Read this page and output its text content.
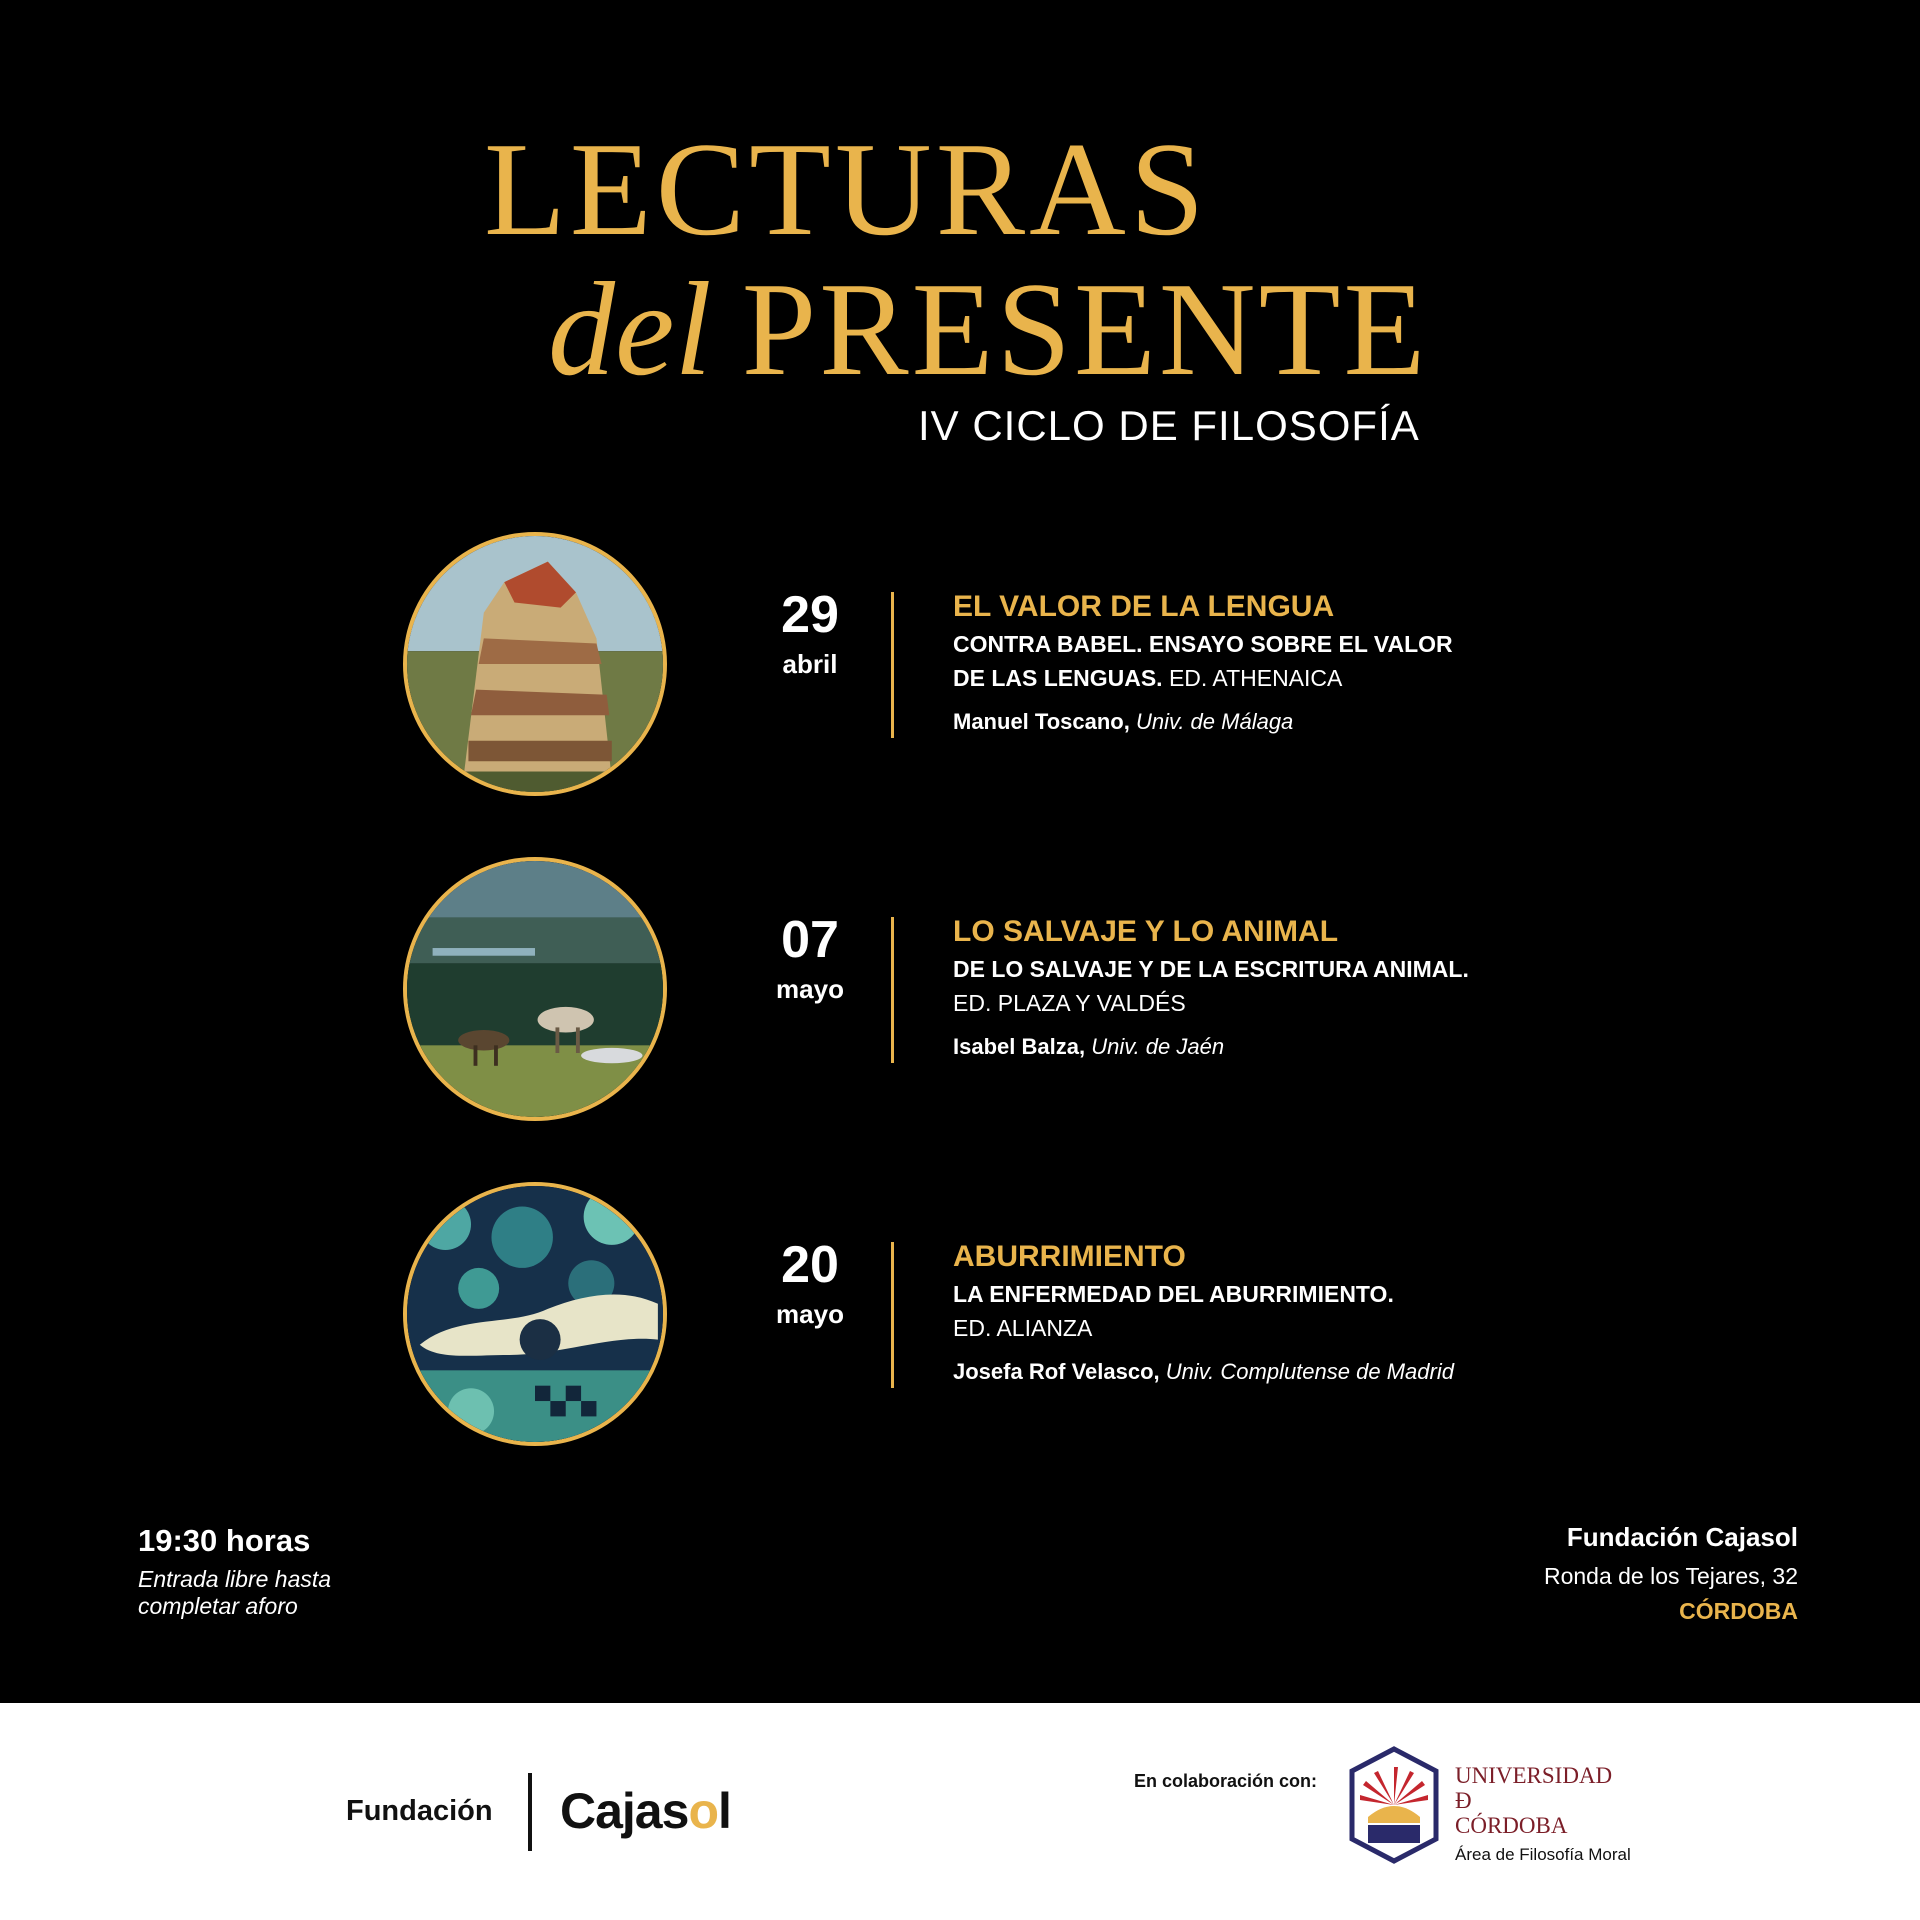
LECTURAS
del PRESENTE
IV CICLO DE FILOSOFÍA
29
abril
EL VALOR DE LA LENGUA
CONTRA BABEL. ENSAYO SOBRE EL VALOR
DE LAS LENGUAS. ED. ATHENAICA
Manuel Toscano, Univ. de Málaga
07
mayo
LO SALVAJE Y LO ANIMAL
DE LO SALVAJE Y DE LA ESCRITURA ANIMAL.
ED. PLAZA Y VALDÉS
Isabel Balza, Univ. de Jaén
20
mayo
ABURRIMIENTO
LA ENFERMEDAD DEL ABURRIMIENTO.
ED. ALIANZA
Josefa Rof Velasco, Univ. Complutense de Madrid
19:30 horas
Entrada libre hasta completar aforo
Fundación Cajasol
Ronda de los Tejares, 32
CÓRDOBA
Fundación Cajasol
En colaboración con:	UNIVERSIDAD
Ð
CÓRDOBA
Área de Filosofía Moral
